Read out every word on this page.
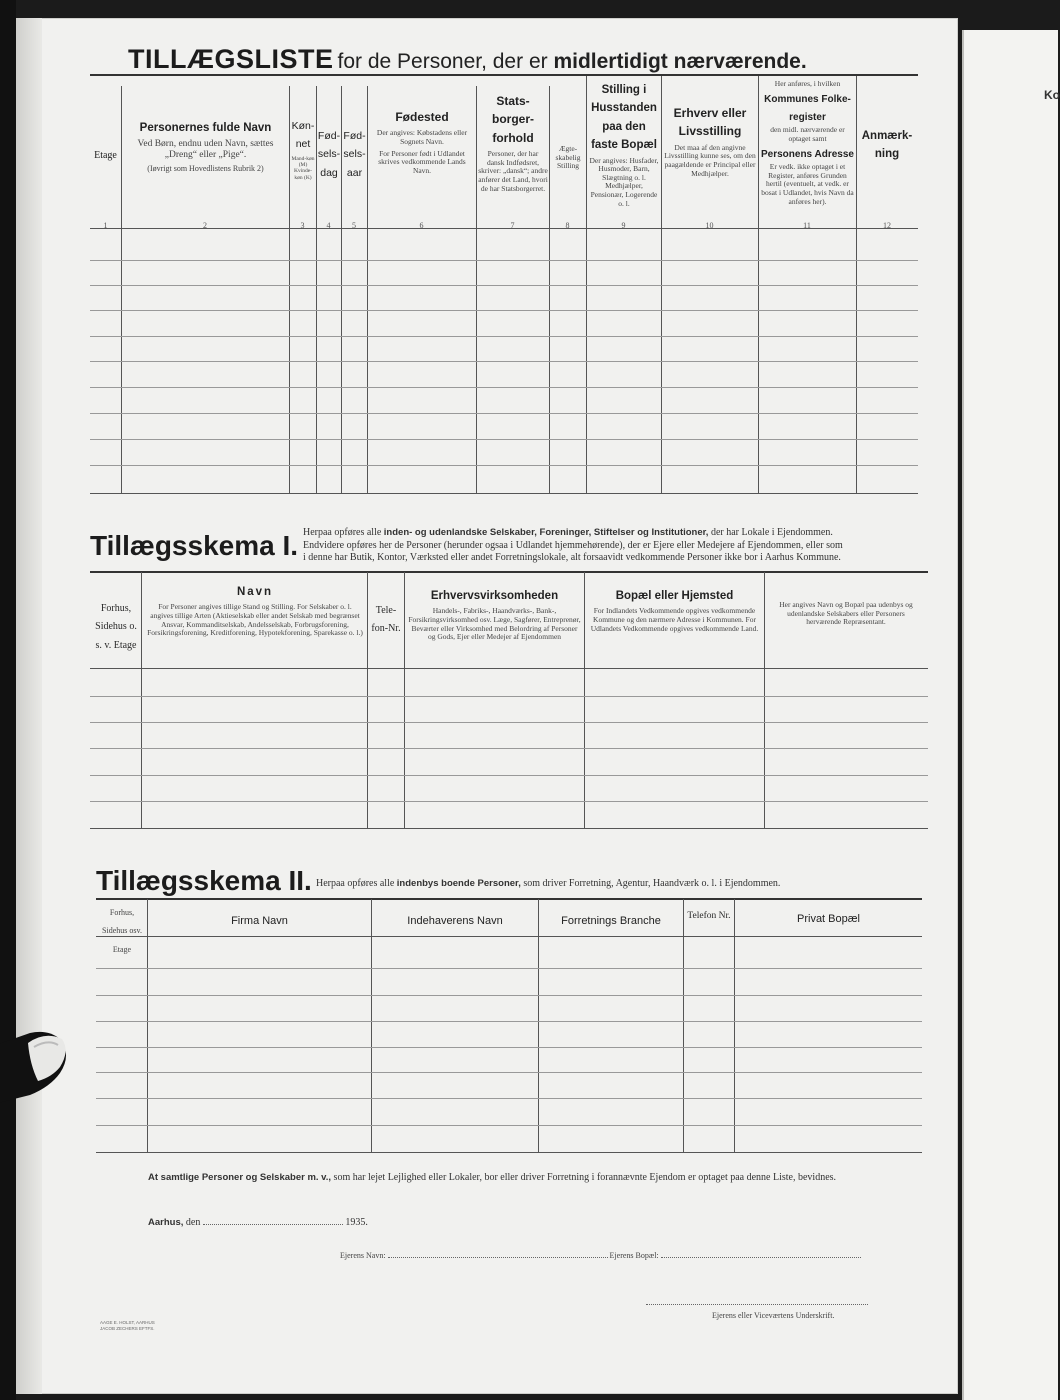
Ko
TILLÆGSLISTE for de Personer, der er midlertidigt nærværende.
Etage
Personernes fulde Navn
Ved Børn, endnu uden Navn, sættes „Dreng“ eller „Pige“.
(Iøvrigt som Hovedlistens Rubrik 2)
Køn-net
Mand-køn (M) Kvinde-køn (K)
Fød-sels-dag
Fød-sels-aar
Fødested
Der angives: Købstadens eller Sognets Navn.
For Personer født i Udlandet skrives vedkommende Lands Navn.
Stats-borger-forhold
Personer, der har dansk Indfødsret, skriver: „dansk“; andre anfører det Land, hvori de har Statsborgerret.
Ægte-skabelig Stilling
Stilling i Husstanden paa den faste Bopæl
Der angives: Husfader, Husmoder, Barn, Slægtning o. l. Medhjælper, Pensionær, Logerende o. l.
Erhverv eller Livsstilling
Det maa af den angivne Livsstilling kunne ses, om den paagældende er Principal eller Medhjælper.
Her anføres, i hvilken
Kommunes Folke-register
den midl. nærværende er optaget samt
Personens Adresse
Er vedk. ikke optaget i et Register, anføres Grunden hertil (eventuelt, at vedk. er bosat i Udlandet, hvis Navn da anføres her).
Anmærk-ning
1	2	3	4	5	6	7	8	9	10	11	12
Tillægsskema I. Herpaa opføres alle inden- og udenlandske Selskaber, Foreninger, Stiftelser og Institutioner, der har Lokale i Ejendommen.
Endvidere opføres her de Personer (herunder ogsaa i Udlandet hjemmehørende), der er Ejere eller Medejere af Ejendommen, eller som
i denne har Butik, Kontor, Værksted eller andet Forretningslokale, alt forsaavidt vedkommende Personer ikke bor i Aarhus Kommune.
Forhus, Sidehus o. s. v. Etage
Navn
For Personer angives tillige Stand og Stilling. For Selskaber o. l. angives tillige Arten (Aktieselskab eller andet Selskab med begrænset Ansvar, Kommanditselskab, Andelsselskab, Forbrugsforening, Forsikringsforening, Kreditforening, Hypotekforening, Sparekasse o. l.)
Tele-fon-Nr.
Erhvervsvirksomheden
Handels-, Fabriks-, Haandværks-, Bank-, Forsikringsvirksomhed osv. Læge, Sagfører, Entreprenør, Beværter eller Virksomhed med Belordring af Personer og Gods, Ejer eller Medejer af Ejendommen
Bopæl eller Hjemsted
For Indlandets Vedkommende opgives vedkommende Kommune og den nærmere Adresse i Kommunen. For Udlandets Vedkommende opgives vedkommende Land.
Her angives Navn og Bopæl paa udenbys og udenlandske Selskabers eller Personers herværende Repræsentant.
Tillægsskema II. Herpaa opføres alle indenbys boende Personer, som driver Forretning, Agentur, Haandværk o. l. i Ejendommen.
Forhus, Sidehus osv. Etage
Firma Navn	Indehaverens Navn	Forretnings Branche	Telefon Nr.	Privat Bopæl
At samtlige Personer og Selskaber m. v., som har lejet Lejlighed eller Lokaler, bor eller driver Forretning i forannævnte Ejendom er optaget paa denne Liste, bevidnes.
Aarhus, den	1935.
Ejerens Navn:	Ejerens Bopæl:
Ejerens eller Viceværtens Underskrift.
AAGE E. HOLST, AARHUS JACOB ZECHERS EFTFS.
